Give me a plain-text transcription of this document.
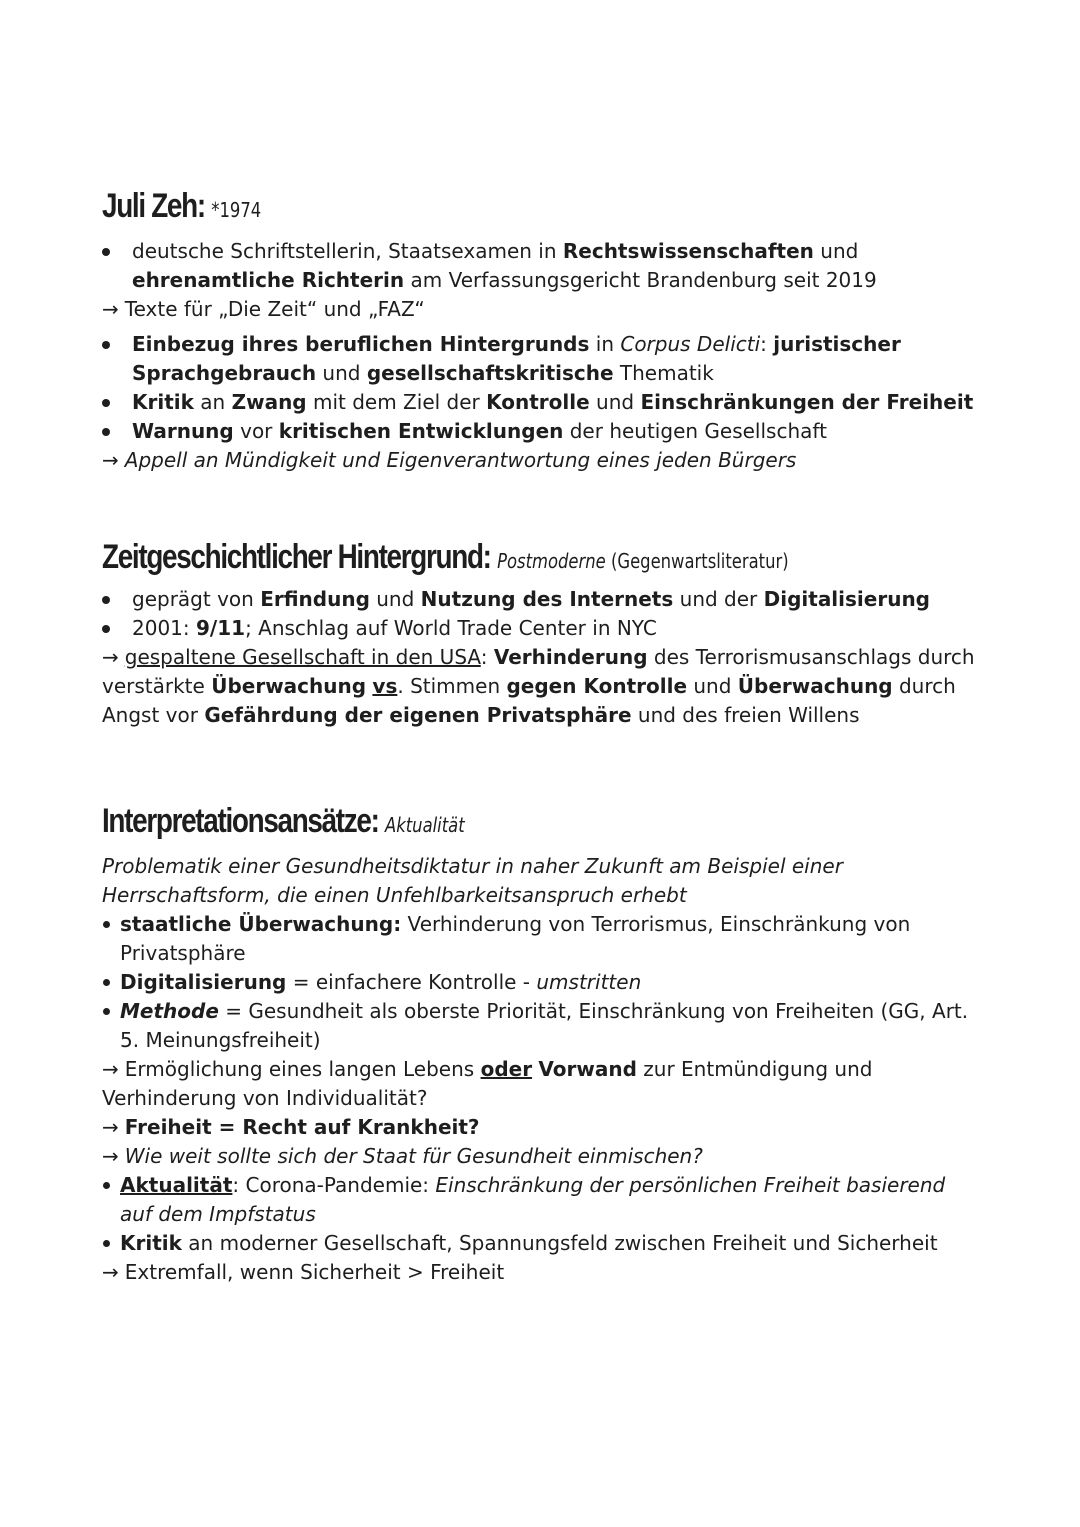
Juli Zeh: *1974

deutsche Schriftstellerin, Staatsexamen in Rechtswissenschaften und ehrenamtliche Richterin am Verfassungsgericht Brandenburg seit 2019

→ Texte für „Die Zeit“ und „FAZ“

Einbezug ihres beruflichen Hintergrunds in Corpus Delicti: juristischer Sprachgebrauch und gesellschaftskritische Thematik

Kritik an Zwang mit dem Ziel der Kontrolle und Einschränkungen der Freiheit

Warnung vor kritischen Entwicklungen der heutigen Gesellschaft

→ Appell an Mündigkeit und Eigenverantwortung eines jeden Bürgers

Zeitgeschichtlicher Hintergrund: Postmoderne (Gegenwartsliteratur)

geprägt von Erfindung und Nutzung des Internets und der Digitalisierung

2001: 9/11; Anschlag auf World Trade Center in NYC

→ gespaltene Gesellschaft in den USA: Verhinderung des Terrorismusanschlags durch verstärkte Überwachung vs. Stimmen gegen Kontrolle und Überwachung durch Angst vor Gefährdung der eigenen Privatsphäre und des freien Willens

Interpretationsansätze: Aktualität

Problematik einer Gesundheitsdiktatur in naher Zukunft am Beispiel einer Herrschaftsform, die einen Unfehlbarkeitsanspruch erhebt

staatliche Überwachung: Verhinderung von Terrorismus, Einschränkung von Privatsphäre

Digitalisierung = einfachere Kontrolle - umstritten

Methode = Gesundheit als oberste Priorität, Einschränkung von Freiheiten (GG, Art. 5. Meinungsfreiheit)

→ Ermöglichung eines langen Lebens oder Vorwand zur Entmündigung und Verhinderung von Individualität?

→ Freiheit = Recht auf Krankheit?

→ Wie weit sollte sich der Staat für Gesundheit einmischen?

Aktualität: Corona-Pandemie: Einschränkung der persönlichen Freiheit basierend auf dem Impfstatus

Kritik an moderner Gesellschaft, Spannungsfeld zwischen Freiheit und Sicherheit

→ Extremfall, wenn Sicherheit > Freiheit
